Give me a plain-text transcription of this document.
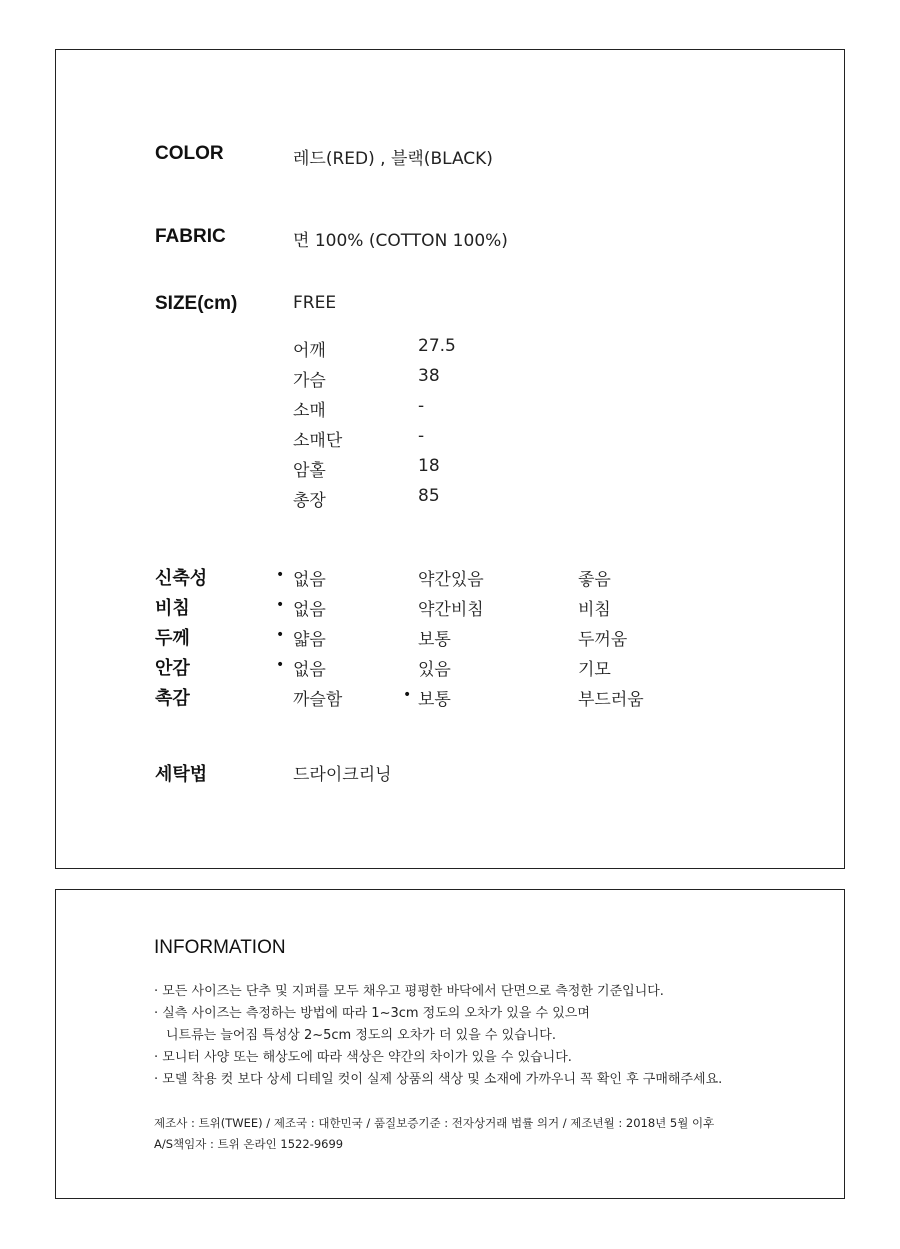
COLOR	레드(RED) , 블랙(BLACK)
FABRIC	면 100% (COTTON 100%)
SIZE(cm)	FREE
어깨	27.5
가슴	38
소매	-
소매단	-
암홀	18
총장	85
신축성	• 없음	약간있음	좋음
비침	• 없음	약간비침	비침
두께	• 얇음	보통	두꺼움
안감	• 없음	있음	기모
촉감	까슬함	• 보통	부드러움
세탁법	드라이크리닝
INFORMATION
· 모든 사이즈는 단추 및 지퍼를 모두 채우고 평평한 바닥에서 단면으로 측정한 기준입니다.
· 실측 사이즈는 측정하는 방법에 따라 1~3cm 정도의 오차가 있을 수 있으며
니트류는 늘어짐 특성상 2~5cm 정도의 오차가 더 있을 수 있습니다.
· 모니터 사양 또는 해상도에 따라 색상은 약간의 차이가 있을 수 있습니다.
· 모델 착용 컷 보다 상세 디테일 컷이 실제 상품의 색상 및 소재에 가까우니 꼭 확인 후 구매해주세요.
제조사 : 트위(TWEE) / 제조국 : 대한민국 / 품질보증기준 : 전자상거래 법률 의거 / 제조년월 : 2018년 5월 이후
A/S책임자 : 트위 온라인 1522-9699
